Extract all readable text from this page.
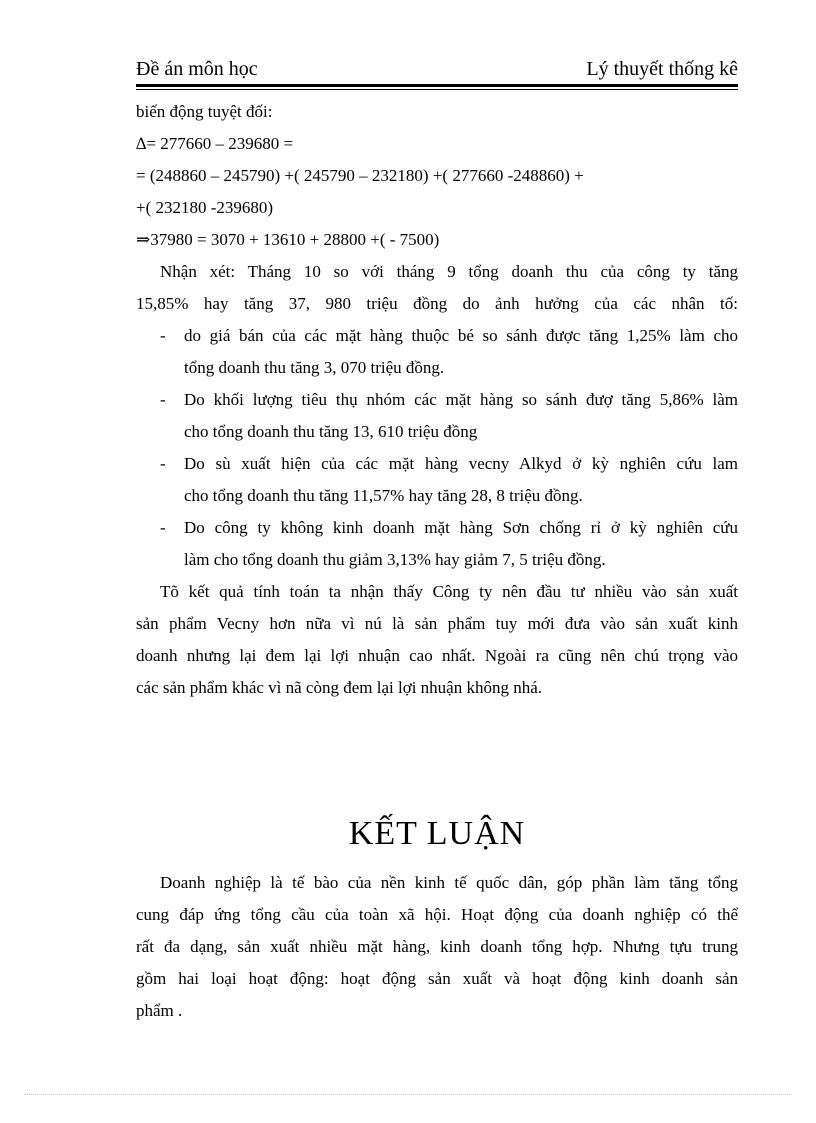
Đề án môn học	Lý thuyết thống kê
biến động tuyệt đối:
∆= 277660 – 239680 =
= (248860 – 245790) +( 245790 – 232180) +( 277660 -248860) +
+( 232180 -239680)
⇒37980 = 3070 + 13610 + 28800 +( - 7500)
Nhận xét: Tháng 10 so với tháng 9 tổng doanh thu của công ty tăng
15,85% hay tăng 37, 980 triệu đồng do ảnh hưởng của các nhân tố:
- do giá bán của các mặt hàng thuộc bé so sánh được tăng 1,25% làm cho
tổng doanh thu tăng 3, 070 triệu đồng.
- Do khối lượng tiêu thụ nhóm các mặt hàng so sánh đượ tăng 5,86% làm
cho tổng doanh thu tăng 13, 610 triệu đồng
- Do sù xuất hiện của các mặt hàng vecny Alkyd ở kỳ nghiên cứu lam
cho tổng doanh thu tăng 11,57% hay tăng 28, 8 triệu đồng.
- Do công ty không kinh doanh mặt hàng Sơn chống rỉ ở kỳ nghiên cứu
làm cho tổng doanh thu giảm 3,13% hay giảm 7, 5 triệu đồng.
Tõ kết quả tính toán ta nhận thấy Công ty nên đầu tư nhiều vào sản xuất
sản phẩm Vecny hơn nữa vì nú là sản phẩm tuy mới đưa vào sản xuất kinh
doanh nhưng lại đem lại lợi nhuận cao nhất. Ngoài ra cũng nên chú trọng vào
các sản phẩm khác vì nã còng đem lại lợi nhuận không nhá.
KẾT LUẬN
Doanh nghiệp là tế bào của nền kinh tế quốc dân, góp phần làm tăng tổng
cung đáp ứng tổng cầu của toàn xã hội. Hoạt động của doanh nghiệp có thể
rất đa dạng, sản xuất nhiều mặt hàng, kinh doanh tổng hợp. Nhưng tựu trung
gồm hai loại hoạt động: hoạt động sản xuất và hoạt động kinh doanh sản
phẩm .
